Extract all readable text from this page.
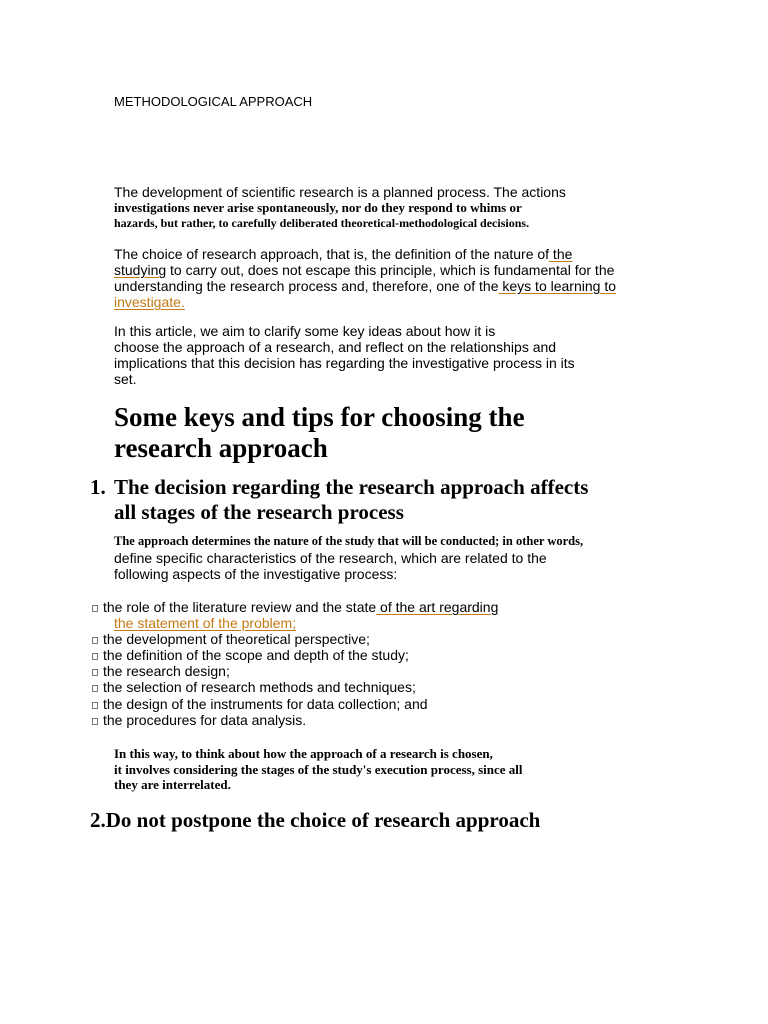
METHODOLOGICAL APPROACH
The development of scientific research is a planned process. The actions
investigations never arise spontaneously, nor do they respond to whims or
hazards, but rather, to carefully deliberated theoretical-methodological decisions.
The choice of research approach, that is, the definition of the nature of the
studying to carry out, does not escape this principle, which is fundamental for the
understanding the research process and, therefore, one of the keys to learning to
investigate.
In this article, we aim to clarify some key ideas about how it is
choose the approach of a research, and reflect on the relationships and
implications that this decision has regarding the investigative process in its
set.
Some keys and tips for choosing the
research approach
1. The decision regarding the research approach affects
all stages of the research process
The approach determines the nature of the study that will be conducted; in other words,
define specific characteristics of the research, which are related to the
following aspects of the investigative process:
the role of the literature review and the state of the art regarding
the statement of the problem;
the development of theoretical perspective;
the definition of the scope and depth of the study;
the research design;
the selection of research methods and techniques;
the design of the instruments for data collection; and
the procedures for data analysis.
In this way, to think about how the approach of a research is chosen,
it involves considering the stages of the study's execution process, since all
they are interrelated.
2.Do not postpone the choice of research approach
